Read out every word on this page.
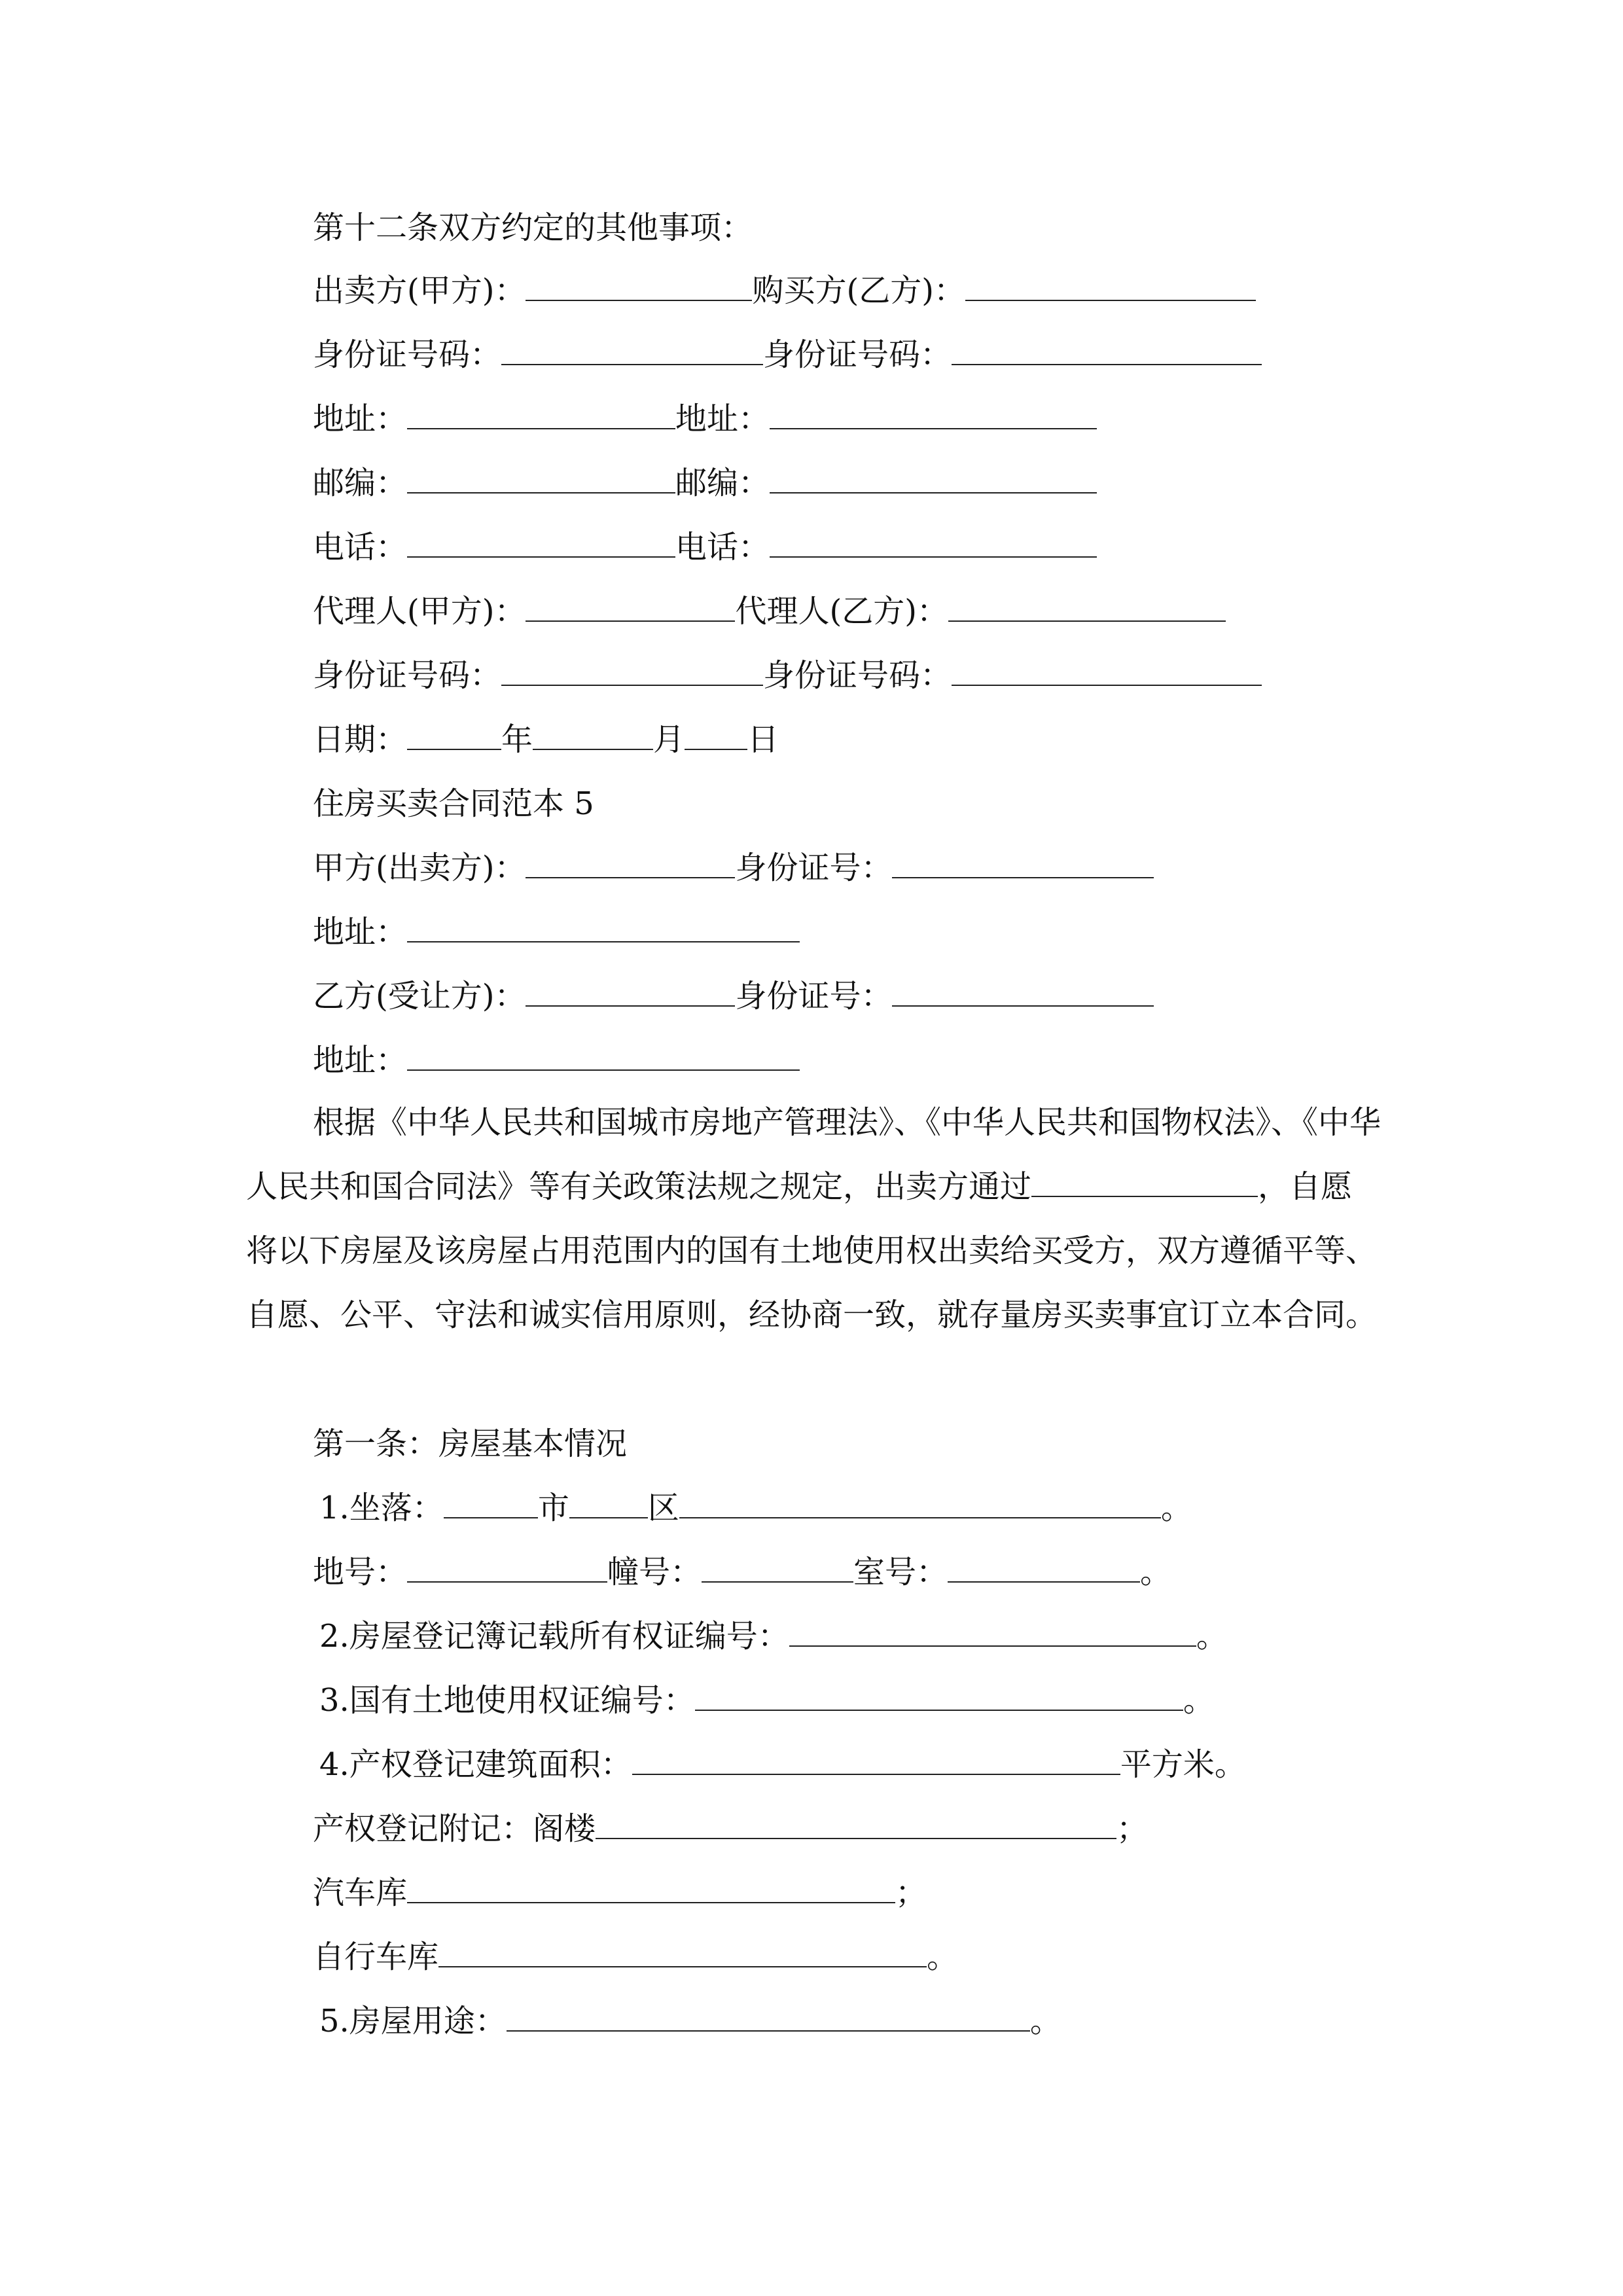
第十二条双方约定的其他事项：
出卖方(甲方)：	购买方(乙方)：
身份证号码：	身份证号码：
地址：	地址：
邮编：	邮编：
电话：	电话：
代理人(甲方)：	代理人(乙方)：
身份证号码：	身份证号码：
日期：	年	月 日
住房买卖合同范本 5
甲方(出卖方)：	身份证号：
地址：
乙方(受让方)：	身份证号：
地址：
根据《中华人民共和国城市房地产管理法》、《中华人民共和国物权法》、《中华人民共和国合同法》等有关政策法规之规定，出卖方通过	，自愿将以下房屋及该房屋占用范围内的国有土地使用权出卖给买受方，双方遵循平等、自愿、公平、守法和诚实信用原则，经协商一致，就存量房买卖事宜订立本合同。
第一条：房屋基本情况
1.坐落：	市	区	。
地号：	幢号：	室号：	。
2.房屋登记簿记载所有权证编号：	。
3.国有土地使用权证编号：	。
4.产权登记建筑面积：	平方米。
产权登记附记：阁楼	；
汽车库	；
自行车库	。
5.房屋用途：	。
